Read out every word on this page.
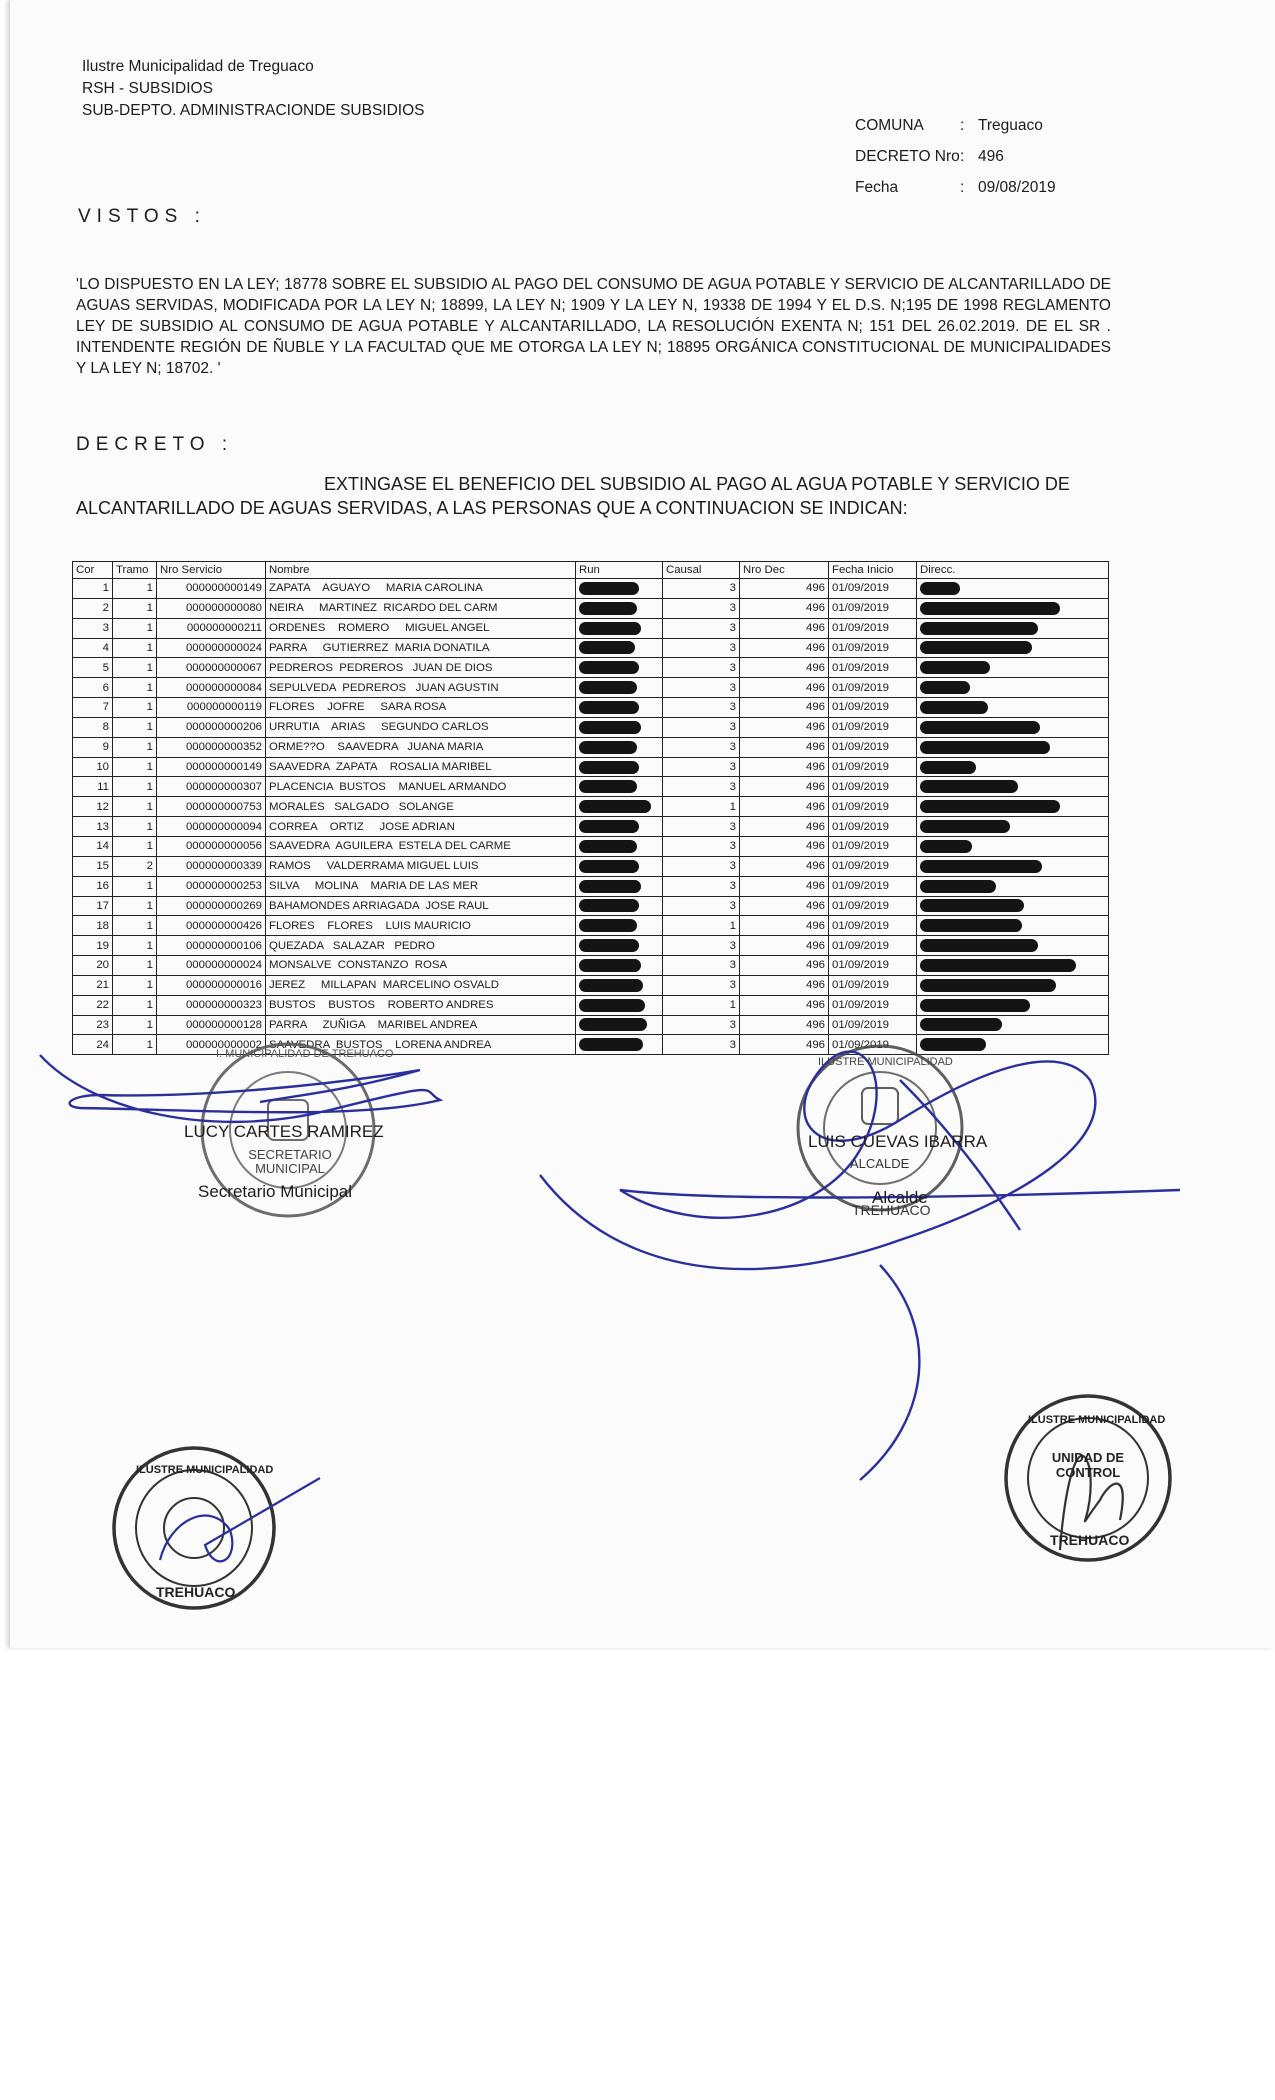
Ilustre Municipalidad de Treguaco
RSH - SUBSIDIOS
SUB-DEPTO. ADMINISTRACIONDE SUBSIDIOS
COMUNA	: Treguaco
DECRETO Nro : 496
Fecha	: 09/08/2019
VISTOS :
'LO DISPUESTO EN LA LEY; 18778 SOBRE EL SUBSIDIO AL PAGO DEL CONSUMO DE AGUA POTABLE Y SERVICIO DE ALCANTARILLADO DE AGUAS SERVIDAS, MODIFICADA POR LA LEY N; 18899, LA LEY N; 1909 Y LA LEY N, 19338 DE 1994 Y EL D.S. N;195 DE 1998 REGLAMENTO LEY DE SUBSIDIO AL CONSUMO DE AGUA POTABLE Y ALCANTARILLADO, LA RESOLUCIÓN EXENTA N; 151 DEL 26.02.2019. DE EL SR . INTENDENTE REGIÓN DE ÑUBLE Y LA FACULTAD QUE ME OTORGA LA LEY N; 18895 ORGÁNICA CONSTITUCIONAL DE MUNICIPALIDADES Y LA LEY N; 18702. '
DECRETO :
EXTINGASE EL BENEFICIO DEL SUBSIDIO AL PAGO AL AGUA POTABLE Y SERVICIO DE ALCANTARILLADO DE AGUAS SERVIDAS, A LAS PERSONAS QUE A CONTINUACION SE INDICAN:
Cor	Tramo	Nro Servicio	Nombre	Run	Causal	Nro Dec	Fecha Inicio	Direcc.
1	1	000000000149	ZAPATA    AGUAYO     MARIA CAROLINA		3	496	01/09/2019	
2	1	000000000080	NEIRA     MARTINEZ  RICARDO DEL CARM		3	496	01/09/2019	
3	1	000000000211	ORDENES    ROMERO     MIGUEL ANGEL		3	496	01/09/2019	
4	1	000000000024	PARRA     GUTIERREZ  MARIA DONATILA		3	496	01/09/2019	
5	1	000000000067	PEDREROS  PEDREROS   JUAN DE DIOS		3	496	01/09/2019	
6	1	000000000084	SEPULVEDA  PEDREROS   JUAN AGUSTIN		3	496	01/09/2019	
7	1	000000000119	FLORES    JOFRE     SARA ROSA		3	496	01/09/2019	
8	1	000000000206	URRUTIA    ARIAS     SEGUNDO CARLOS		3	496	01/09/2019	
9	1	000000000352	ORME??O    SAAVEDRA   JUANA MARIA		3	496	01/09/2019	
10	1	000000000149	SAAVEDRA  ZAPATA    ROSALIA MARIBEL		3	496	01/09/2019	
11	1	000000000307	PLACENCIA  BUSTOS    MANUEL ARMANDO		3	496	01/09/2019	
12	1	000000000753	MORALES   SALGADO   SOLANGE		1	496	01/09/2019	
13	1	000000000094	CORREA    ORTIZ     JOSE ADRIAN		3	496	01/09/2019	
14	1	000000000056	SAAVEDRA  AGUILERA  ESTELA DEL CARME		3	496	01/09/2019	
15	2	000000000339	RAMOS     VALDERRAMA MIGUEL LUIS		3	496	01/09/2019	
16	1	000000000253	SILVA     MOLINA    MARIA DE LAS MER		3	496	01/09/2019	
17	1	000000000269	BAHAMONDES ARRIAGADA  JOSE RAUL		3	496	01/09/2019	
18	1	000000000426	FLORES    FLORES    LUIS MAURICIO		1	496	01/09/2019	
19	1	000000000106	QUEZADA   SALAZAR   PEDRO		3	496	01/09/2019	
20	1	000000000024	MONSALVE  CONSTANZO  ROSA		3	496	01/09/2019	
21	1	000000000016	JEREZ     MILLAPAN  MARCELINO OSVALD		3	496	01/09/2019	
22	1	000000000323	BUSTOS    BUSTOS    ROBERTO ANDRES		1	496	01/09/2019	
23	1	000000000128	PARRA     ZUÑIGA    MARIBEL ANDREA		3	496	01/09/2019	
24	1	000000000002	SAAVEDRA  BUSTOS    LORENA ANDREA		3	496	01/09/2019	
LUCY CARTES RAMIREZ
Secretario Municipal
LUIS CUEVAS IBARRA
Alcalde
SECRETARIO MUNICIPAL	ALCALDE
TREHUACO
UNIDAD DE CONTROL
TREHUACO
ILUSTRE MUNICIPALIDAD
ILUSTRE MUNICIPALIDAD
TREHUACO
I. MUNICIPALIDAD DE TREHUACO
ILUSTRE MUNICIPALIDAD
